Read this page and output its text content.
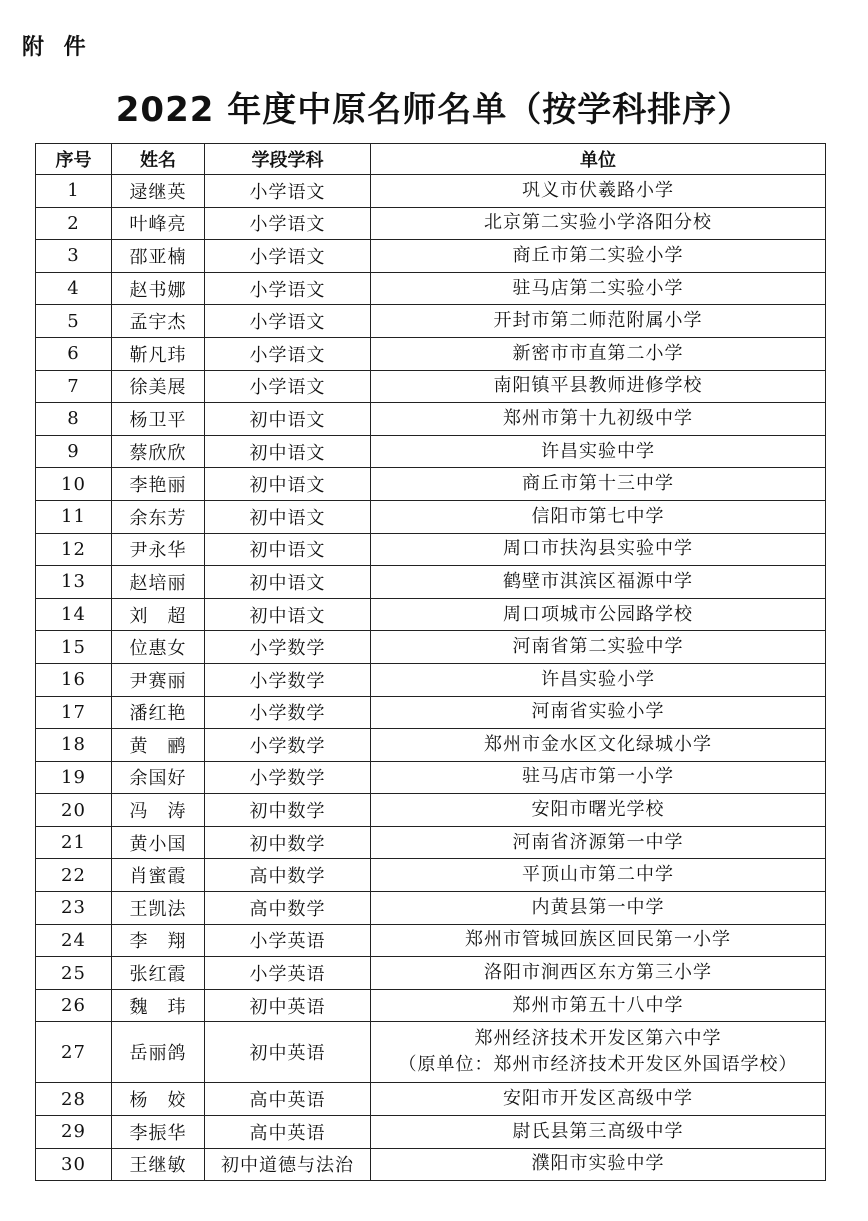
附 件
2022 年度中原名师名单（按学科排序）
序号	姓名	学段学科	单位
1	逯继英	小学语文	巩义市伏羲路小学

2	叶峰亮	小学语文	北京第二实验小学洛阳分校

3	邵亚楠	小学语文	商丘市第二实验小学

4	赵书娜	小学语文	驻马店第二实验小学

5	孟宇杰	小学语文	开封市第二师范附属小学

6	靳凡玮	小学语文	新密市市直第二小学

7	徐美展	小学语文	南阳镇平县教师进修学校

8	杨卫平	初中语文	郑州市第十九初级中学

9	蔡欣欣	初中语文	许昌实验中学

10	李艳丽	初中语文	商丘市第十三中学

11	余东芳	初中语文	信阳市第七中学

12	尹永华	初中语文	周口市扶沟县实验中学

13	赵培丽	初中语文	鹤壁市淇滨区福源中学

14	刘　超	初中语文	周口项城市公园路学校

15	位惠女	小学数学	河南省第二实验中学

16	尹赛丽	小学数学	许昌实验小学

17	潘红艳	小学数学	河南省实验小学

18	黄　鹂	小学数学	郑州市金水区文化绿城小学

19	余国好	小学数学	驻马店市第一小学

20	冯　涛	初中数学	安阳市曙光学校

21	黄小国	初中数学	河南省济源第一中学

22	肖蜜霞	高中数学	平顶山市第二中学

23	王凯法	高中数学	内黄县第一中学

24	李　翔	小学英语	郑州市管城回族区回民第一小学

25	张红霞	小学英语	洛阳市涧西区东方第三小学

26	魏　玮	初中英语	郑州市第五十八中学

27	岳丽鸽	初中英语	郑州经济技术开发区第六中学
（原单位：郑州市经济技术开发区外国语学校）

28	杨　姣	高中英语	安阳市开发区高级中学

29	李振华	高中英语	尉氏县第三高级中学

30	王继敏	初中道德与法治	濮阳市实验中学
